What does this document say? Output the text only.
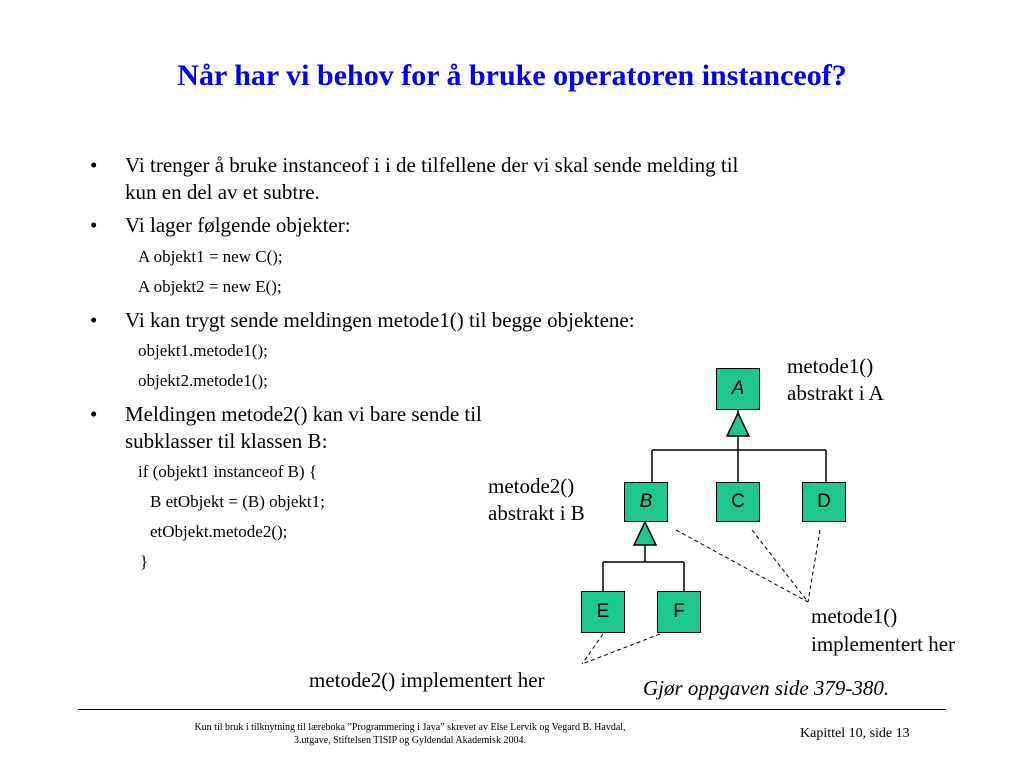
Når har vi behov for å bruke operatoren instanceof?
• Vi trenger å bruke instanceof i i de tilfellene der vi skal sende melding til
kun en del av et subtre.
• Vi lager følgende objekter:
A objekt1 = new C();
A objekt2 = new E();
• Vi kan trygt sende meldingen metode1() til begge objektene:
objekt1.metode1();
objekt2.metode1();
• Meldingen metode2() kan vi bare sende til
subklasser til klassen B:
if (objekt1 instanceof B) {
B etObjekt = (B) objekt1;
etObjekt.metode2();
}
A
B	C	D
E	F
metode1()
abstrakt i A
metode2()
abstrakt i B
metode1()
implementert her
metode2() implementert her	Gjør oppgaven side 379-380.
Kun til bruk i tilknytning til læreboka ”Programmering i Java” skrevet av Else Lervik og Vegard B. Havdal,
3.utgave, Stiftelsen TISIP og Gyldendal Akademisk 2004.	Kapittel 10, side 13
